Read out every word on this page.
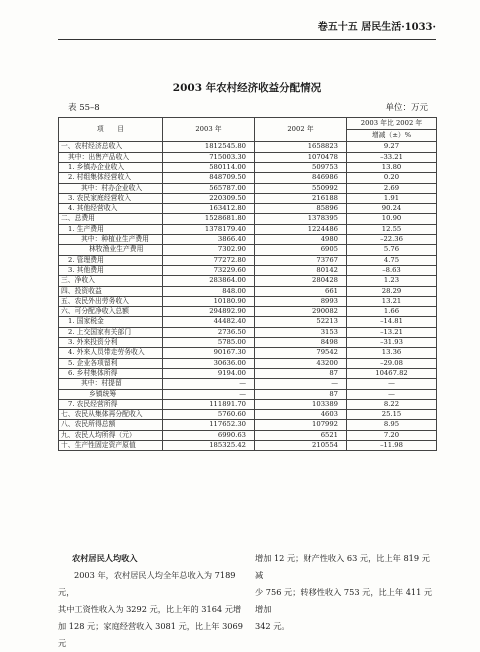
卷五十五 居民生活·1033·
2003 年农村经济收益分配情况
表 55–8	单位：万元
项　　目	2003 年	2002 年	2003 年比 2002 年
			增减（±）%
一、农村经济总收入	1812545.80	1658823	9.27
其中：出售产品收入	715003.30	1070478	–33.21
1. 乡镇办企业收入	580114.00	509753	13.80
2. 村组集体经营收入	848709.50	846986	0.20
其中：村办企业收入	565787.00	550992	2.69
3. 农民家庭经营收入	220309.50	216188	1.91
4. 其他经营收入	163412.80	85896	90.24
二、总费用	1528681.80	1378395	10.90
1. 生产费用	1378179.40	1224486	12.55
其中：种植业生产费用	3866.40	4980	–22.36
林牧渔业生产费用	7302.90	6905	5.76
2. 管理费用	77272.80	73767	4.75
3. 其他费用	73229.60	80142	–8.63
三、净收入	283864.00	280428	1.23
四、投资收益	848.00	661	28.29
五、农民外出劳务收入	10180.90	8993	13.21
六、可分配净收入总额	294892.90	290082	1.66
1. 国家税金	44482.40	52213	–14.81
2. 上交国家有关部门	2736.50	3153	–13.21
3. 外来投资分利	5785.00	8498	–31.93
4. 外来人员带走劳务收入	90167.30	79542	13.36
5. 企业各项留利	30636.00	43200	–29.08
6. 乡村集体所得	9194.00	87	10467.82
其中：村提留	—	—	—
乡镇统筹	—	87	—
7. 农民经营所得	111891.70	103389	8.22
七、农民从集体再分配收入	5760.60	4603	25.15
八、农民所得总额	117652.30	107992	8.95
九、农民人均所得（元）	6990.63	6521	7.20
十、生产性固定资产原值	185325.42	210554	–11.98
农村居民人均收入

2003 年，农村居民人均全年总收入为 7189 元，

其中工资性收入为 3292 元，比上年的 3164 元增

加 128 元；家庭经营收入 3081 元，比上年 3069 元

增加 12 元；财产性收入 63 元，比上年 819 元减

少 756 元；转移性收入 753 元，比上年 411 元增加

342 元。
